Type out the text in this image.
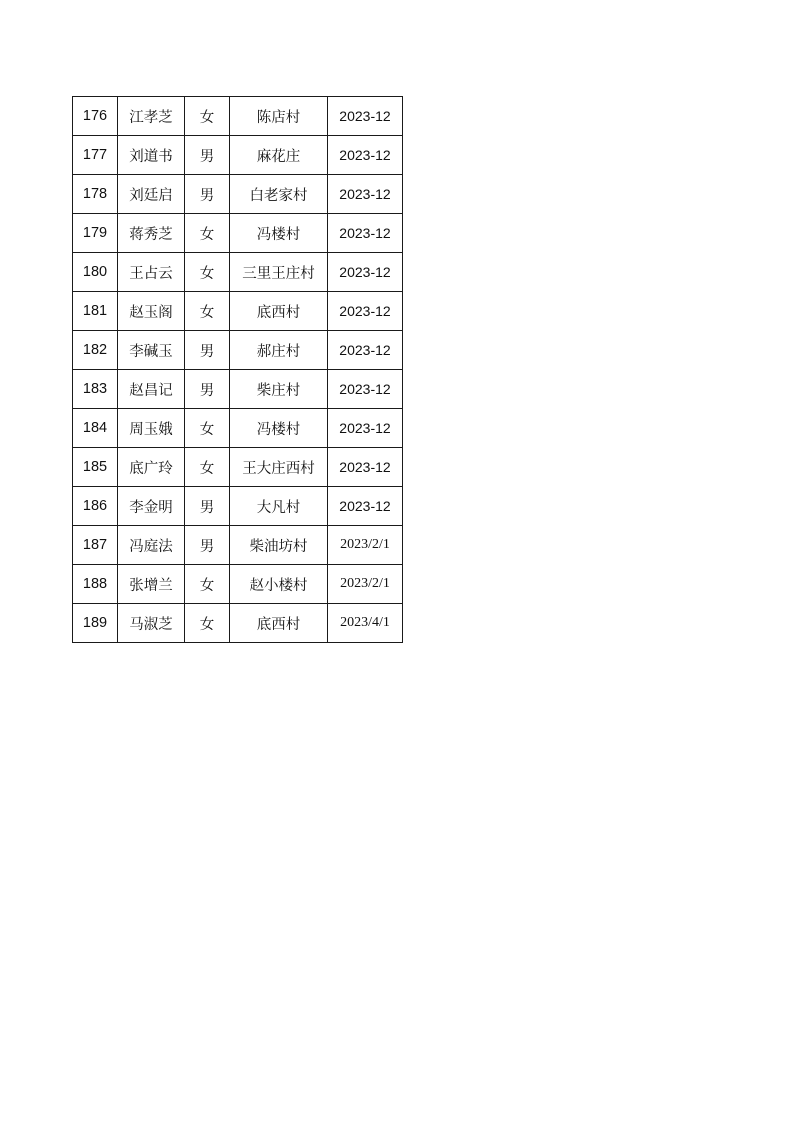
176	江孝芝	女	陈店村	2023-12
177	刘道书	男	麻花庄	2023-12
178	刘廷启	男	白老家村	2023-12
179	蒋秀芝	女	冯楼村	2023-12
180	王占云	女	三里王庄村	2023-12
181	赵玉阁	女	底西村	2023-12
182	李碱玉	男	郝庄村	2023-12
183	赵昌记	男	柴庄村	2023-12
184	周玉娥	女	冯楼村	2023-12
185	底广玲	女	王大庄西村	2023-12
186	李金明	男	大凡村	2023-12
187	冯庭法	男	柴油坊村	2023/2/1
188	张增兰	女	赵小楼村	2023/2/1
189	马淑芝	女	底西村	2023/4/1
